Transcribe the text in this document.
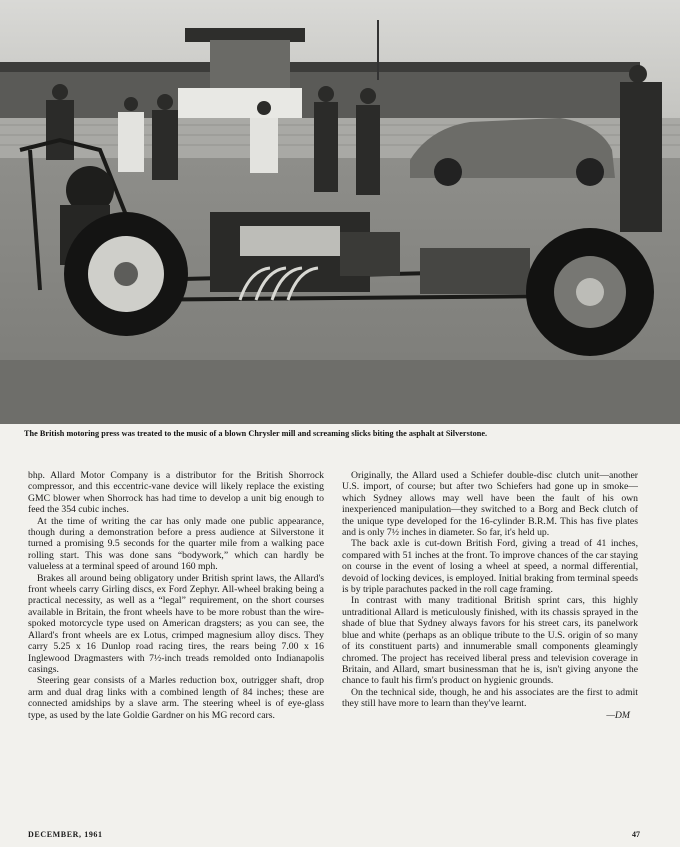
The British motoring press was treated to the music of a blown Chrysler mill and screaming slicks biting the asphalt at Silverstone.

bhp. Allard Motor Company is a distributor for the British Shorrock compressor, and this eccentric-vane device will likely replace the existing GMC blower when Shorrock has had time to develop a unit big enough to feed the 354 cubic inches.

At the time of writing the car has only made one public appearance, though during a demonstration before a press audience at Silverstone it turned a promising 9.5 seconds for the quarter mile from a walking pace rolling start. This was done sans “bodywork,” which can hardly be valueless at a terminal speed of around 160 mph.

Brakes all around being obligatory under British sprint laws, the Allard's front wheels carry Girling discs, ex Ford Zephyr. All-wheel braking being a practical necessity, as well as a “legal” requirement, on the short courses available in Britain, the front wheels have to be more robust than the wire-spoked motorcycle type used on American dragsters; as you can see, the Allard's front wheels are ex Lotus, crimped magnesium alloy discs. They carry 5.25 x 16 Dunlop road racing tires, the rears being 7.00 x 16 Inglewood Dragmasters with 7½-inch treads remolded onto Indianapolis casings.

Steering gear consists of a Marles reduction box, outrigger shaft, drop arm and dual drag links with a combined length of 84 inches; these are connected amidships by a slave arm. The steering wheel is of eye-glass type, as used by the late Goldie Gardner on his MG record cars.

Originally, the Allard used a Schiefer double-disc clutch unit—another U.S. import, of course; but after two Schiefers had gone up in smoke—which Sydney allows may well have been the fault of his own inexperienced manipulation—they switched to a Borg and Beck clutch of the unique type developed for the 16-cylinder B.R.M. This has five plates and is only 7½ inches in diameter. So far, it's held up.

The back axle is cut-down British Ford, giving a tread of 41 inches, compared with 51 inches at the front. To improve chances of the car staying on course in the event of losing a wheel at speed, a normal differential, devoid of locking devices, is employed. Initial braking from terminal speeds is by triple parachutes packed in the roll cage framing.

In contrast with many traditional British sprint cars, this highly untraditional Allard is meticulously finished, with its chassis sprayed in the shade of blue that Sydney always favors for his street cars, its panelwork blue and white (perhaps as an oblique tribute to the U.S. origin of so many of its constituent parts) and innumerable small components gleamingly chromed. The project has received liberal press and television coverage in Britain, and Allard, smart businessman that he is, isn't giving anyone the chance to fault his firm's product on hygienic grounds.

On the technical side, though, he and his associates are the first to admit they still have more to learn than they've learnt.

—DM

DECEMBER, 1961	47
